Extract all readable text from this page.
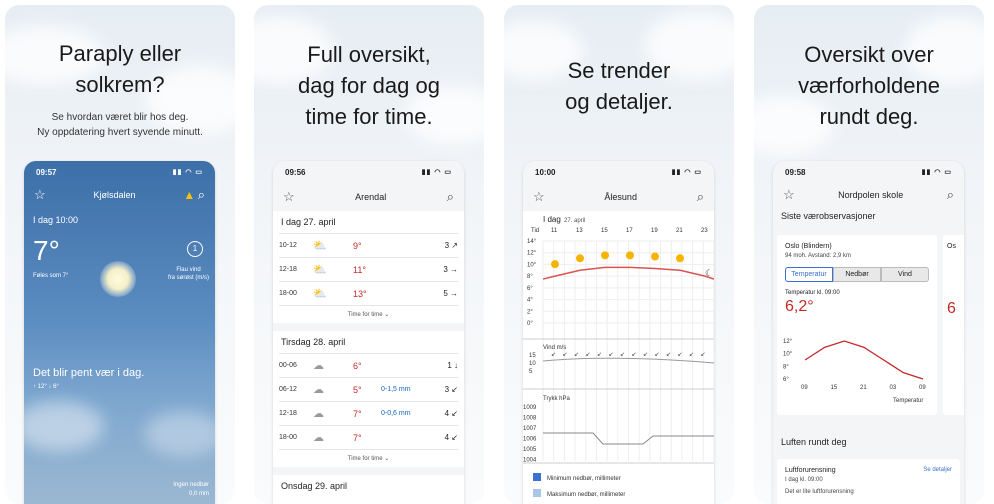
Paraply eller
solkrem?
Se hvordan været blir hos deg.
Ny oppdatering hvert syvende minutt.
09:57	▮▮ ◠ ▭
☆	Kjølsdalen	▲ ⌕
I dag 10:00
7°
Føles som 7°
1
Flau vind
fra sørøst (m/s)
Det blir pent vær i dag.
↑ 12° ↓ 6°
Ingen nedbør
0,0 mm
Full oversikt,
dag for dag og
time for time.
09:56	▮▮ ◠ ▭
☆	Arendal	⌕
I dag 27. april
10-12	⛅	9°	3 ↗
12-18	⛅	11°	3 →
18-00	⛅	13°	5 →
Time for time ⌄
Tirsdag 28. april
00-06	☁	6°	1 ↓
06-12	☁	5°	0-1,5 mm	3 ↙
12-18	☁	7°	0-0,6 mm	4 ↙
18-00	☁	7°	4 ↙
Time for time ⌄
Onsdag 29. april
Se trender
og detaljer.
10:00	▮▮ ◠ ▭
☆	Ålesund	⌕
I dag 27. april
Tid 11	13	15	17	19	21	23
14°
12°
10°
8°
6°
4°
2°
0°
☾
Vind m/s
15
10
5
↙ ↙ ↙ ↙ ↙ ↙ ↙ ↙ ↙ ↙ ↙ ↙ ↙ ↙
Trykk hPa
1009
1008
1007
1006
1005
1004
Minimum nedbør, millimeter
Maksimum nedbør, millimeter
Oversikt over
værforholdene
rundt deg.
09:58	▮▮ ◠ ▭
☆	Nordpolen skole	⌕
Siste værobservasjoner
Oslo (Blindern)
94 moh. Avstand: 2,9 km
Temperatur	Nedbør	Vind
Temperatur kl. 09:00
6,2°
12°
10°
8°
6°
09	15	21	03	09
Temperatur
Os
6
Luften rundt deg
Luftforurensning	Se detaljer
I dag kl. 09:00
Det er lite luftforurensning
